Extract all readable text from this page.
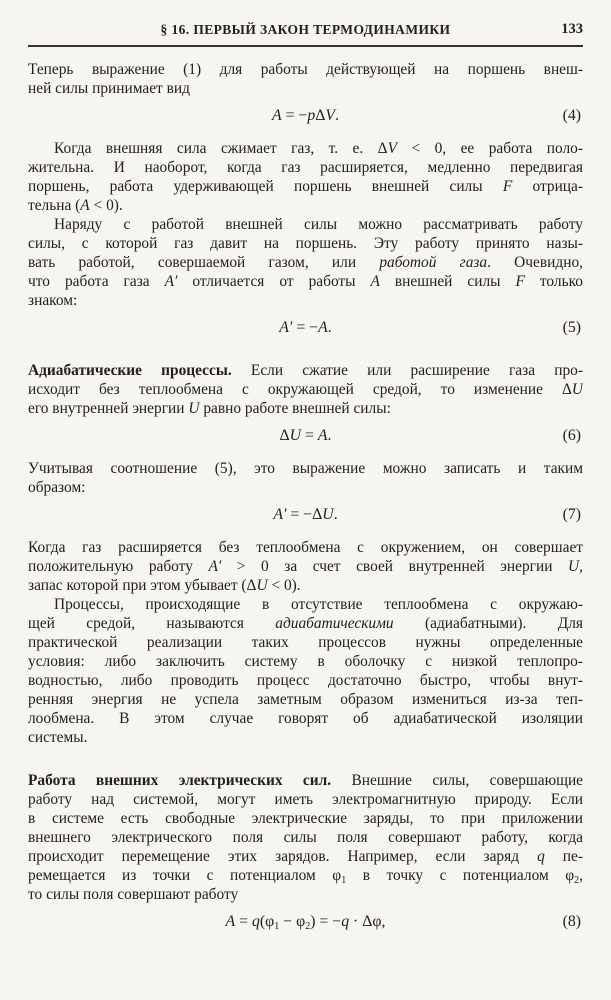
§ 16. ПЕРВЫЙ ЗАКОН ТЕРМОДИНАМИКИ	133
Теперь выражение (1) для работы действующей на поршень внеш-
ней силы принимает вид
A = −pΔV.	(4)
Когда внешняя сила сжимает газ, т. е. ΔV < 0, ее работа поло-
жительна. И наоборот, когда газ расширяется, медленно передвигая
поршень, работа удерживающей поршень внешней силы F отрица-
тельна (A < 0).
Наряду с работой внешней силы можно рассматривать работу
силы, с которой газ давит на поршень. Эту работу принято назы-
вать работой, совершаемой газом, или работой газа. Очевидно,
что работа газа A′ отличается от работы A внешней силы F только
знаком:
A′ = −A.	(5)
Адиабатические процессы. Если сжатие или расширение газа про-
исходит без теплообмена с окружающей средой, то изменение ΔU
его внутренней энергии U равно работе внешней силы:
ΔU = A.	(6)
Учитывая соотношение (5), это выражение можно записать и таким
образом:
A′ = −ΔU.	(7)
Когда газ расширяется без теплообмена с окружением, он совершает
положительную работу A′ > 0 за счет своей внутренней энергии U,
запас которой при этом убывает (ΔU < 0).
Процессы, происходящие в отсутствие теплообмена с окружаю-
щей средой, называются адиабатическими (адиабатными). Для
практической реализации таких процессов нужны определенные
условия: либо заключить систему в оболочку с низкой теплопро-
водностью, либо проводить процесс достаточно быстро, чтобы внут-
ренняя энергия не успела заметным образом измениться из-за теп-
лообмена. В этом случае говорят об адиабатической изоляции
системы.
Работа внешних электрических сил. Внешние силы, совершающие
работу над системой, могут иметь электромагнитную природу. Если
в системе есть свободные электрические заряды, то при приложении
внешнего электрического поля силы поля совершают работу, когда
происходит перемещение этих зарядов. Например, если заряд q пе-
ремещается из точки с потенциалом φ1 в точку с потенциалом φ2,
то силы поля совершают работу
A = q(φ1 − φ2) = −q · Δφ,	(8)
